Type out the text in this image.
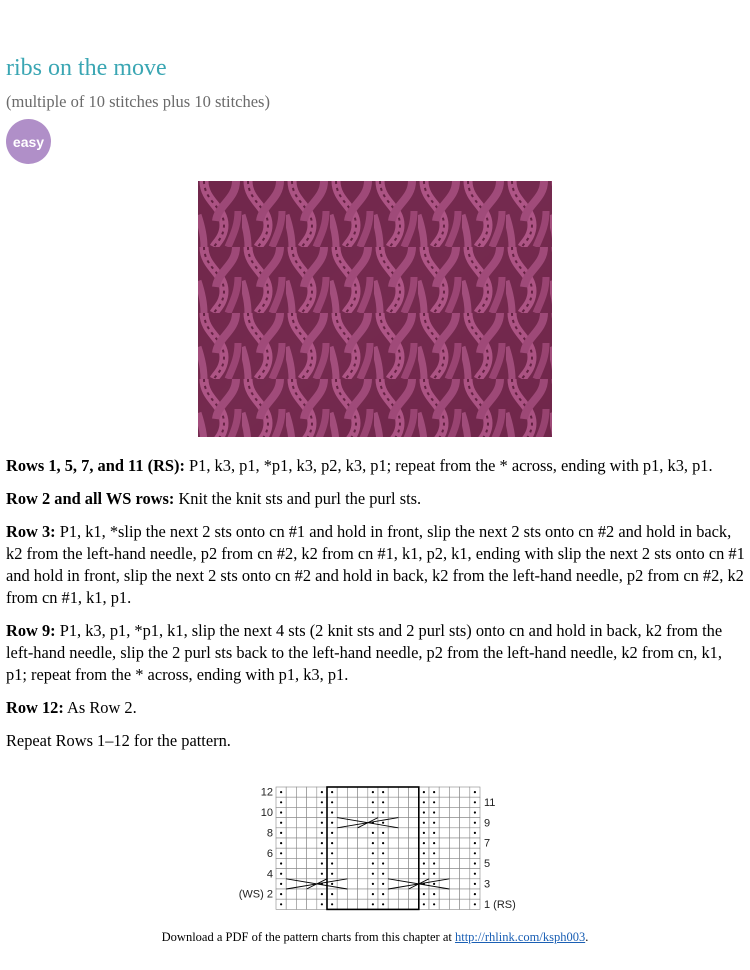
ribs on the move

(multiple of 10 stitches plus 10 stitches)

easy

Rows 1, 5, 7, and 11 (RS): P1, k3, p1, *p1, k3, p2, k3, p1; repeat from the * across, ending with p1, k3, p1.

Row 2 and all WS rows: Knit the knit sts and purl the purl sts.

Row 3: P1, k1, *slip the next 2 sts onto cn #1 and hold in front, slip the next 2 sts onto cn #2 and hold in back, k2 from the left-hand needle, p2 from cn #2, k2 from cn #1, k1, p2, k1, ending with slip the next 2 sts onto cn #1 and hold in front, slip the next 2 sts onto cn #2 and hold in back, k2 from the left-hand needle, p2 from cn #2, k2 from cn #1, k1, p1.

Row 9: P1, k3, p1, *p1, k1, slip the next 4 sts (2 knit sts and 2 purl sts) onto cn and hold in back, k2 from the left-hand needle, slip the 2 purl sts back to the left-hand needle, p2 from the left-hand needle, k2 from cn, k1, p1; repeat from the * across, ending with p1, k3, p1.

Row 12: As Row 2.

Repeat Rows 1–12 for the pattern.

12
10
8
6
4
(WS) 2
11
9
7
5
3
1 (RS)
Download a PDF of the pattern charts from this chapter at http://rhlink.com/ksph003.
